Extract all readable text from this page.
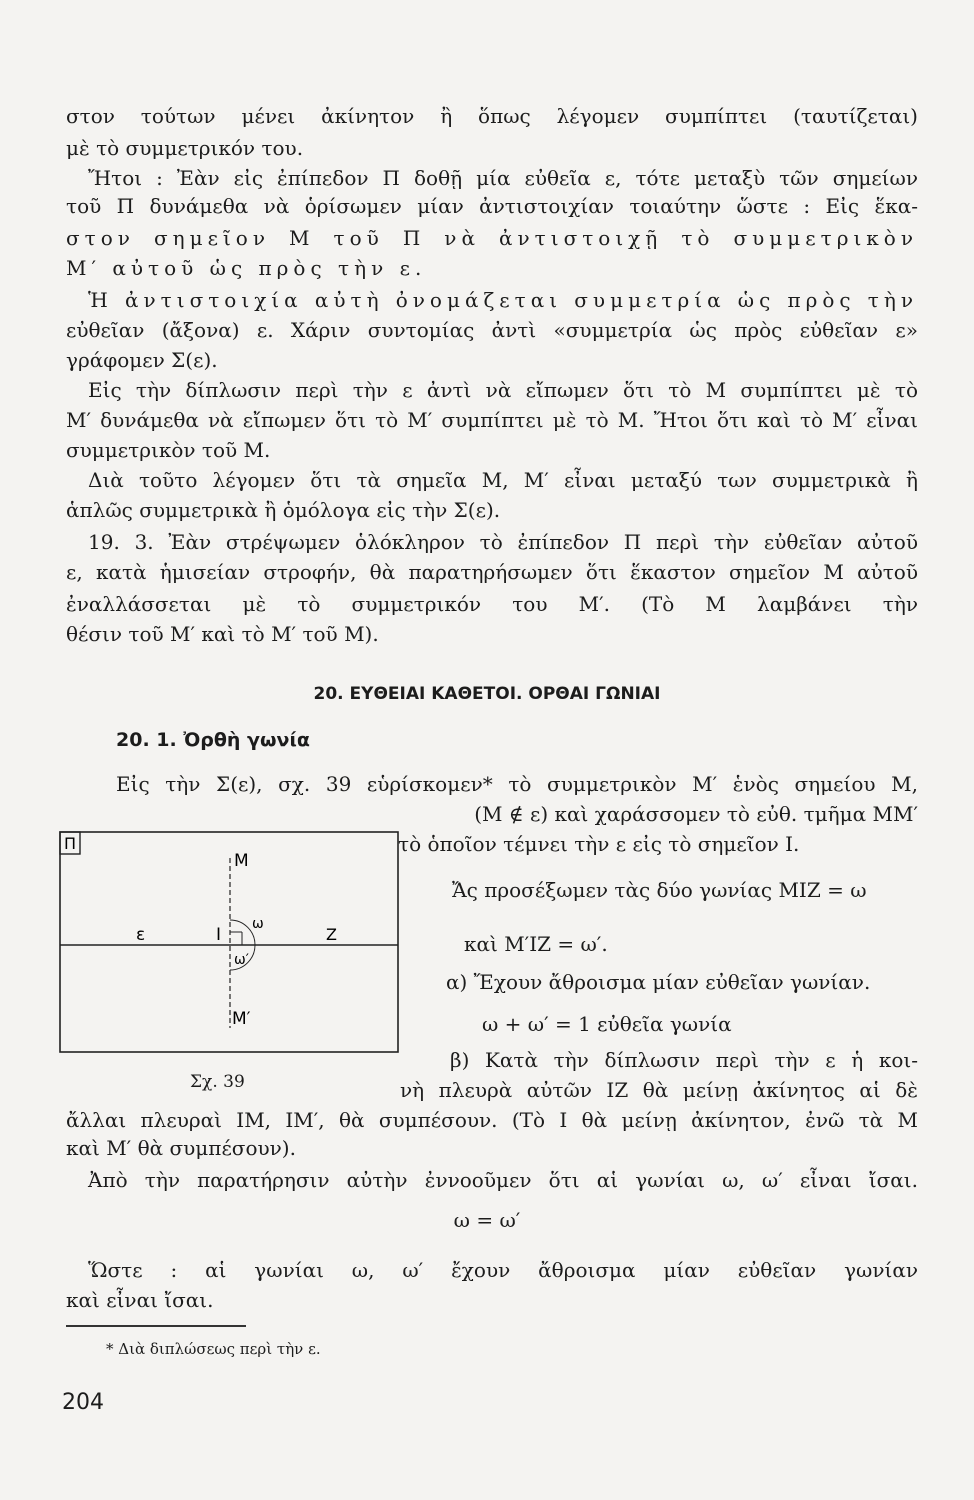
στον τούτων μένει ἀκίνητον ἢ ὅπως λέγομεν συμπίπτει (ταυτίζεται)
μὲ τὸ συμμετρικόν του.
Ἤτοι : Ἐὰν εἰς ἐπίπεδον Π δοθῇ μία εὐθεῖα ε, τότε μεταξὺ τῶν σημείων
τοῦ Π δυνάμεθα νὰ ὁρίσωμεν μίαν ἀντιστοιχίαν τοιαύτην ὥστε : Εἰς ἕκα-
στον σημεῖον Μ τοῦ Π νὰ ἀντιστοιχῇ τὸ συμμετρικὸν
Μ′ αὐτοῦ ὡς πρὸς τὴν ε.
Ἡ ἀντιστοιχία αὐτὴ ὀνομάζεται συμμετρία ὡς πρὸς τὴν
εὐθεῖαν (ἄξονα) ε. Χάριν συντομίας ἀντὶ «συμμετρία ὡς πρὸς εὐθεῖαν ε»
γράφομεν Σ(ε).
Εἰς τὴν δίπλωσιν περὶ τὴν ε ἀντὶ νὰ εἴπωμεν ὅτι τὸ Μ συμπίπτει μὲ τὸ
Μ′ δυνάμεθα νὰ εἴπωμεν ὅτι τὸ Μ′ συμπίπτει μὲ τὸ Μ. Ἤτοι ὅτι καὶ τὸ Μ′ εἶναι
συμμετρικὸν τοῦ Μ.
Διὰ τοῦτο λέγομεν ὅτι τὰ σημεῖα Μ, Μ′ εἶναι μεταξύ των συμμετρικὰ ἢ
ἁπλῶς συμμετρικὰ ἢ ὁμόλογα εἰς τὴν Σ(ε).
19. 3. Ἐὰν στρέψωμεν ὁλόκληρον τὸ ἐπίπεδον Π περὶ τὴν εὐθεῖαν αὐτοῦ
ε, κατὰ ἡμισείαν στροφήν, θὰ παρατηρήσωμεν ὅτι ἕκαστον σημεῖον Μ αὐτοῦ
ἐναλλάσσεται μὲ τὸ συμμετρικόν του Μ′. (Τὸ Μ λαμβάνει τὴν
θέσιν τοῦ Μ′ καὶ τὸ Μ′ τοῦ Μ).
20. ΕΥΘΕΙΑΙ ΚΑΘΕΤΟΙ. ΟΡΘΑΙ ΓΩΝΙΑΙ
20. 1. Ὀρθὴ γωνία
Εἰς τὴν Σ(ε), σχ. 39 εὑρίσκομεν* τὸ συμμετρικὸν Μ′ ἑνὸς σημείου Μ,
(Μ ∉ ε) καὶ χαράσσομεν τὸ εὐθ. τμῆμα ΜΜ′
τὸ ὁποῖον τέμνει τὴν ε εἰς τὸ σημεῖον Ι.
Ἄς προσέξωμεν τὰς δύο γωνίας ΜΙΖ = ω
καὶ Μ′ΙΖ = ω′.
α) Ἔχουν ἄθροισμα μίαν εὐθεῖαν γωνίαν.
ω + ω′ = 1 εὐθεῖα γωνία
β) Κατὰ τὴν δίπλωσιν περὶ τὴν ε ἡ κοι-
νὴ πλευρὰ αὐτῶν ΙΖ θὰ μείνῃ ἀκίνητος αἱ δὲ
ἄλλαι πλευραὶ ΙΜ, ΙΜ′, θὰ συμπέσουν. (Τὸ Ι θὰ μείνῃ ἀκίνητον, ἐνῶ τὰ Μ
καὶ Μ′ θὰ συμπέσουν).
Ἀπὸ τὴν παρατήρησιν αὐτὴν ἐννοοῦμεν ὅτι αἱ γωνίαι ω, ω′ εἶναι ἴσαι.
ω = ω′
Ὥστε : αἱ γωνίαι ω, ω′ ἔχουν ἄθροισμα μίαν εὐθεῖαν γωνίαν
καὶ εἶναι ἴσαι.
Π
Μ
Μ′
ε	Ι	Ζ
ω
ω′
Σχ. 39
* Διὰ διπλώσεως περὶ τὴν ε.
204
